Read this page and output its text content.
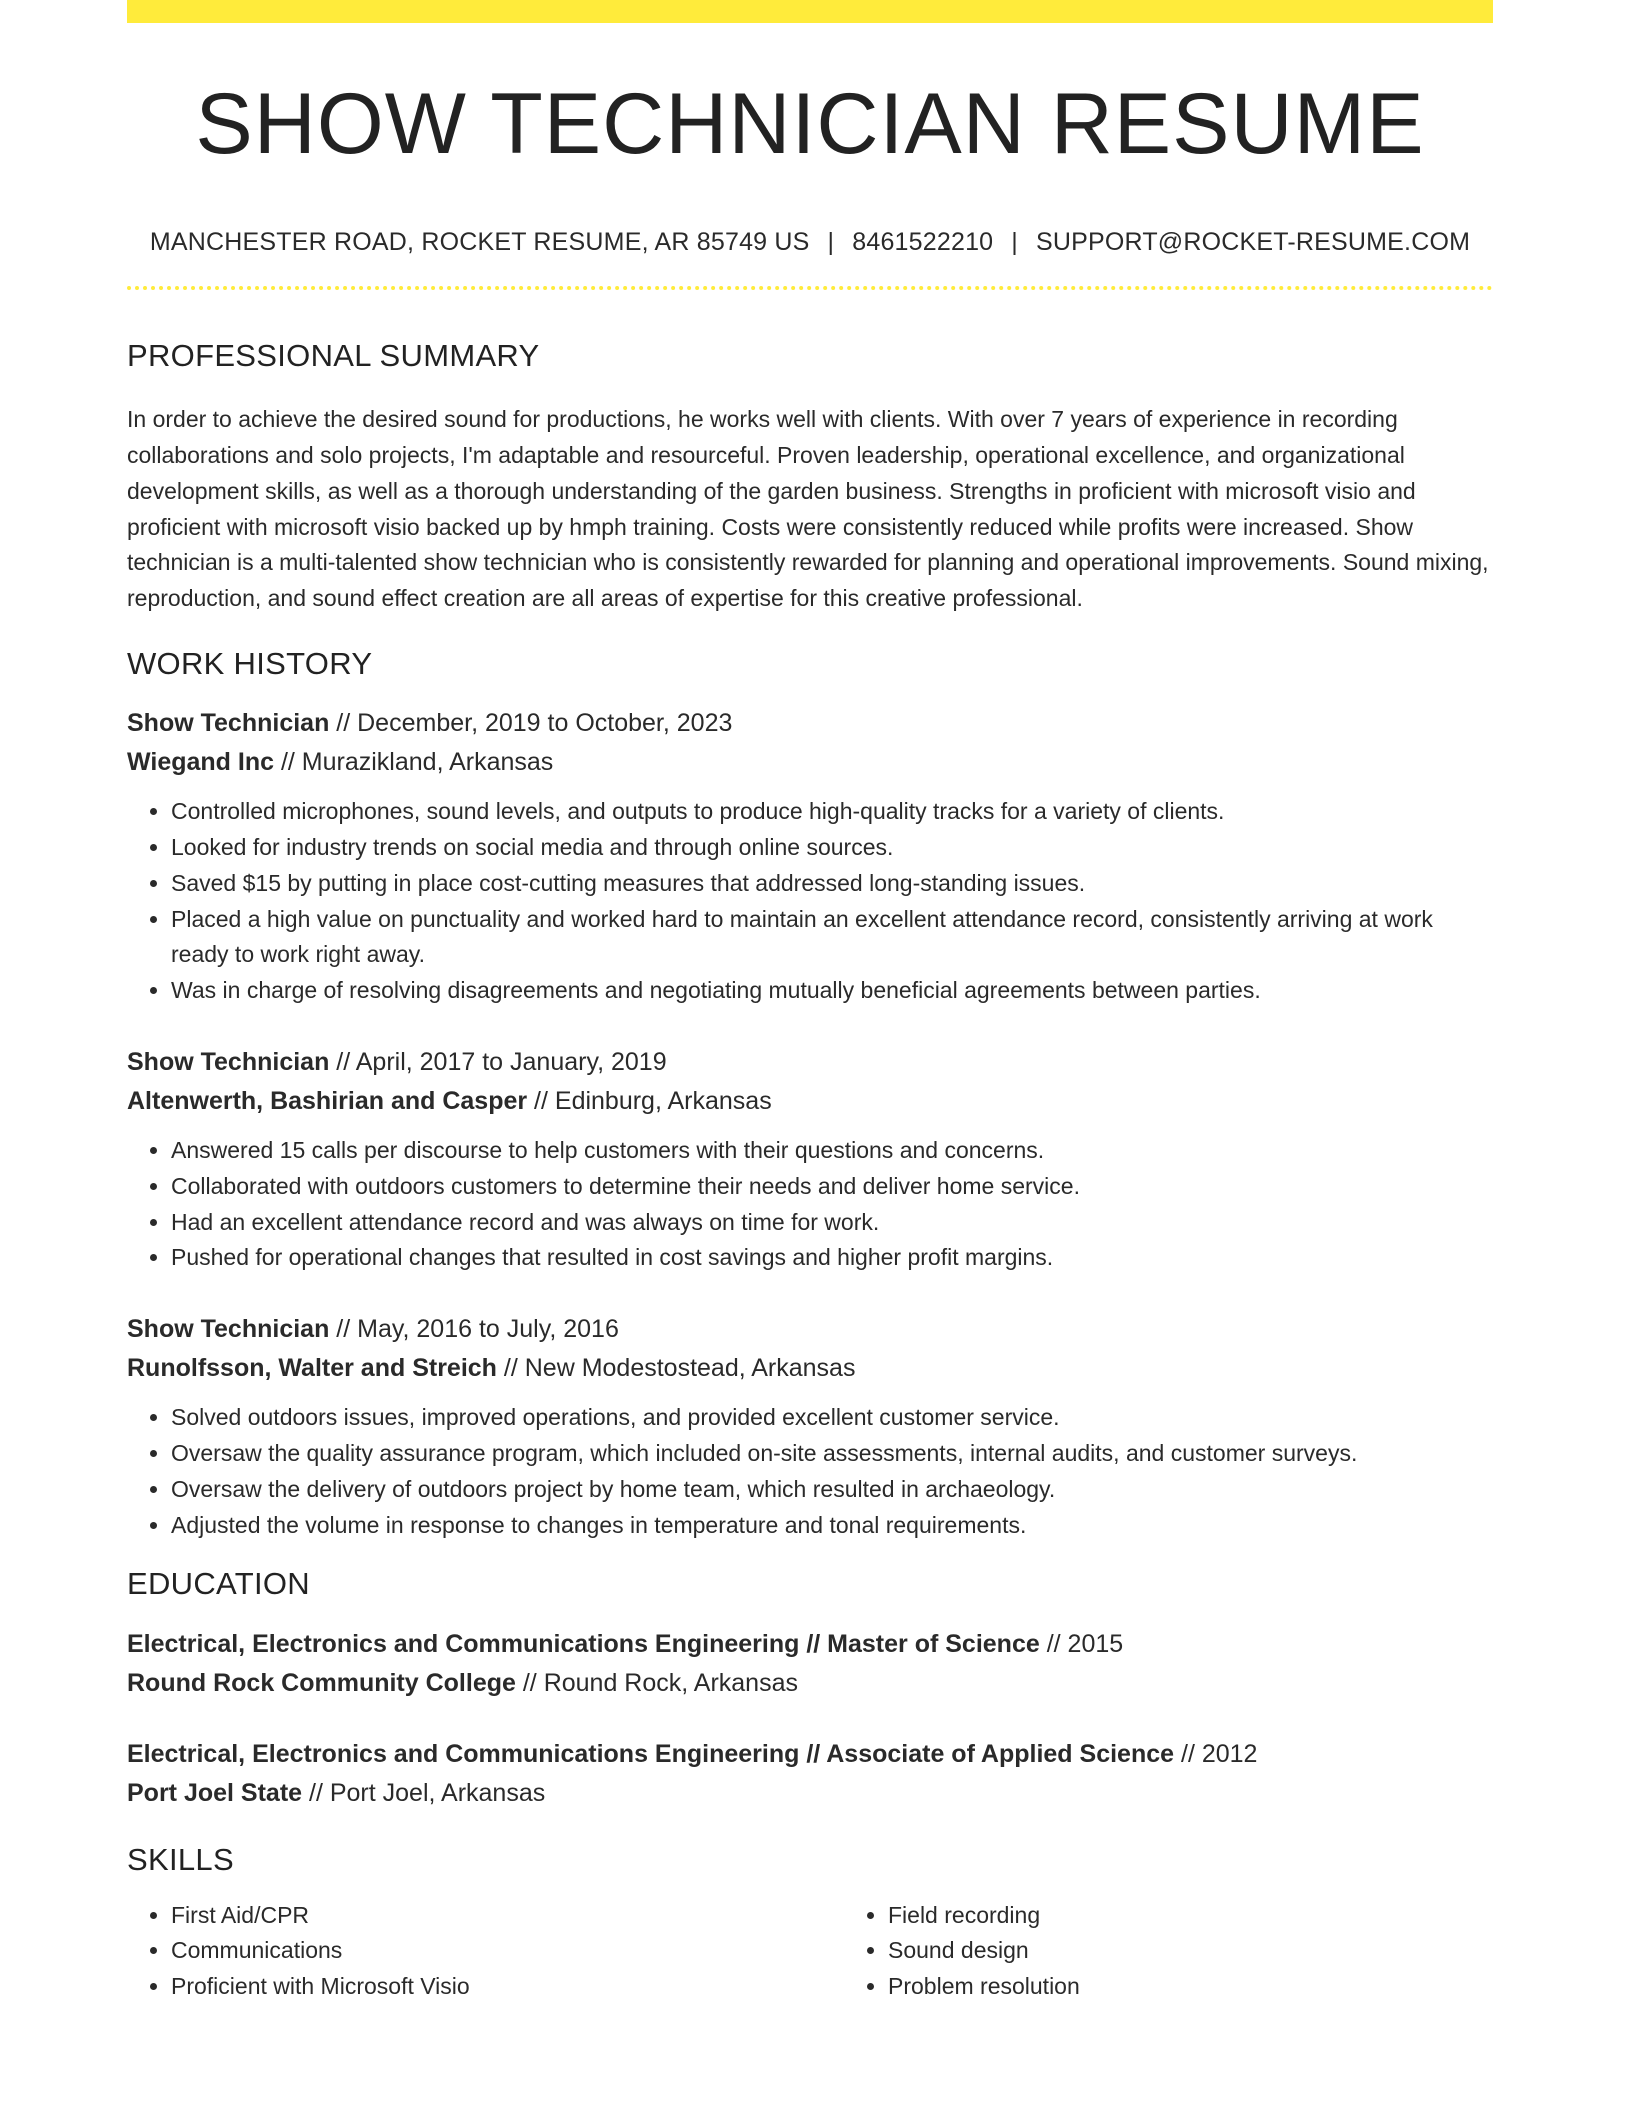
SHOW TECHNICIAN RESUME
MANCHESTER ROAD, ROCKET RESUME, AR 85749 US | 8461522210 | SUPPORT@ROCKET-RESUME.COM
PROFESSIONAL SUMMARY

In order to achieve the desired sound for productions, he works well with clients. With over 7 years of experience in recording collaborations and solo projects, I'm adaptable and resourceful. Proven leadership, operational excellence, and organizational development skills, as well as a thorough understanding of the garden business. Strengths in proficient with microsoft visio and proficient with microsoft visio backed up by hmph training. Costs were consistently reduced while profits were increased. Show technician is a multi-talented show technician who is consistently rewarded for planning and operational improvements. Sound mixing, reproduction, and sound effect creation are all areas of expertise for this creative professional.

WORK HISTORY

Show Technician // December, 2019 to October, 2023

Wiegand Inc // Murazikland, Arkansas

• Controlled microphones, sound levels, and outputs to produce high-quality tracks for a variety of clients.
• Looked for industry trends on social media and through online sources.
• Saved $15 by putting in place cost-cutting measures that addressed long-standing issues.
• Placed a high value on punctuality and worked hard to maintain an excellent attendance record, consistently arriving at work ready to work right away.
• Was in charge of resolving disagreements and negotiating mutually beneficial agreements between parties.

Show Technician // April, 2017 to January, 2019

Altenwerth, Bashirian and Casper // Edinburg, Arkansas

• Answered 15 calls per discourse to help customers with their questions and concerns.
• Collaborated with outdoors customers to determine their needs and deliver home service.
• Had an excellent attendance record and was always on time for work.
• Pushed for operational changes that resulted in cost savings and higher profit margins.

Show Technician // May, 2016 to July, 2016

Runolfsson, Walter and Streich // New Modestostead, Arkansas

• Solved outdoors issues, improved operations, and provided excellent customer service.
• Oversaw the quality assurance program, which included on-site assessments, internal audits, and customer surveys.
• Oversaw the delivery of outdoors project by home team, which resulted in archaeology.
• Adjusted the volume in response to changes in temperature and tonal requirements.
EDUCATION

Electrical, Electronics and Communications Engineering // Master of Science // 2015

Round Rock Community College // Round Rock, Arkansas

Electrical, Electronics and Communications Engineering // Associate of Applied Science // 2012

Port Joel State // Port Joel, Arkansas

SKILLS
• First Aid/CPR
• Communications
• Proficient with Microsoft Visio
• Field recording
• Sound design
• Problem resolution
